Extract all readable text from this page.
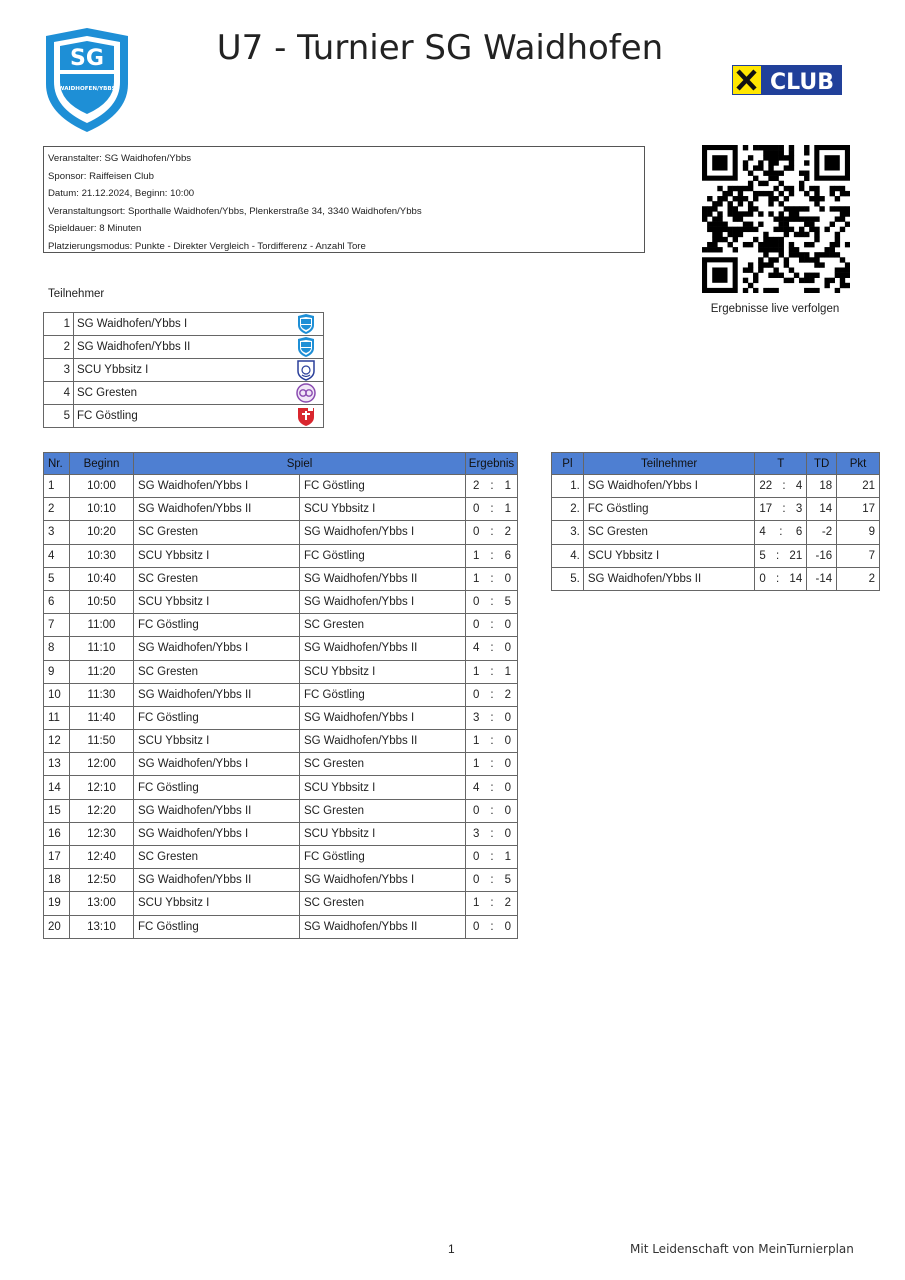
SG
WAIDHOFEN/YBBS
U7 - Turnier SG Waidhofen
CLUB
Veranstalter: SG Waidhofen/Ybbs
Sponsor: Raiffeisen Club
Datum: 21.12.2024, Beginn: 10:00
Veranstaltungsort: Sporthalle Waidhofen/Ybbs, Plenkerstraße 34, 3340 Waidhofen/Ybbs
Spieldauer: 8 Minuten
Platzierungsmodus: Punkte - Direkter Vergleich - Tordifferenz - Anzahl Tore
Ergebnisse live verfolgen
Teilnehmer
1	SG Waidhofen/Ybbs I	

2	SG Waidhofen/Ybbs II	

3	SCU Ybbsitz I	

4	SC Gresten	

5	FC Göstling	
Nr.	Beginn	Spiel		Ergebnis
1	10:00	SG Waidhofen/Ybbs I	FC Göstling	2 : 1

2	10:10	SG Waidhofen/Ybbs II	SCU Ybbsitz I	0 : 1

3	10:20	SC Gresten	SG Waidhofen/Ybbs I	0 : 2

4	10:30	SCU Ybbsitz I	FC Göstling	1 : 6

5	10:40	SC Gresten	SG Waidhofen/Ybbs II	1 : 0

6	10:50	SCU Ybbsitz I	SG Waidhofen/Ybbs I	0 : 5

7	11:00	FC Göstling	SC Gresten	0 : 0

8	11:10	SG Waidhofen/Ybbs I	SG Waidhofen/Ybbs II	4 : 0

9	11:20	SC Gresten	SCU Ybbsitz I	1 : 1

10	11:30	SG Waidhofen/Ybbs II	FC Göstling	0 : 2

11	11:40	FC Göstling	SG Waidhofen/Ybbs I	3 : 0

12	11:50	SCU Ybbsitz I	SG Waidhofen/Ybbs II	1 : 0

13	12:00	SG Waidhofen/Ybbs I	SC Gresten	1 : 0

14	12:10	FC Göstling	SCU Ybbsitz I	4 : 0

15	12:20	SG Waidhofen/Ybbs II	SC Gresten	0 : 0

16	12:30	SG Waidhofen/Ybbs I	SCU Ybbsitz I	3 : 0

17	12:40	SC Gresten	FC Göstling	0 : 1

18	12:50	SG Waidhofen/Ybbs II	SG Waidhofen/Ybbs I	0 : 5

19	13:00	SCU Ybbsitz I	SC Gresten	1 : 2

20	13:10	FC Göstling	SG Waidhofen/Ybbs II	0 : 0
Pl	Teilnehmer	T	TD	Pkt
1.	SG Waidhofen/Ybbs I	22 : 4	18	21
2.	FC Göstling	17 : 3	14	17
3.	SC Gresten	4 : 6	-2	9
4.	SCU Ybbsitz I	5 : 21	-16	7
5.	SG Waidhofen/Ybbs II	0 : 14	-14	2
1	Mit Leidenschaft von MeinTurnierplan
